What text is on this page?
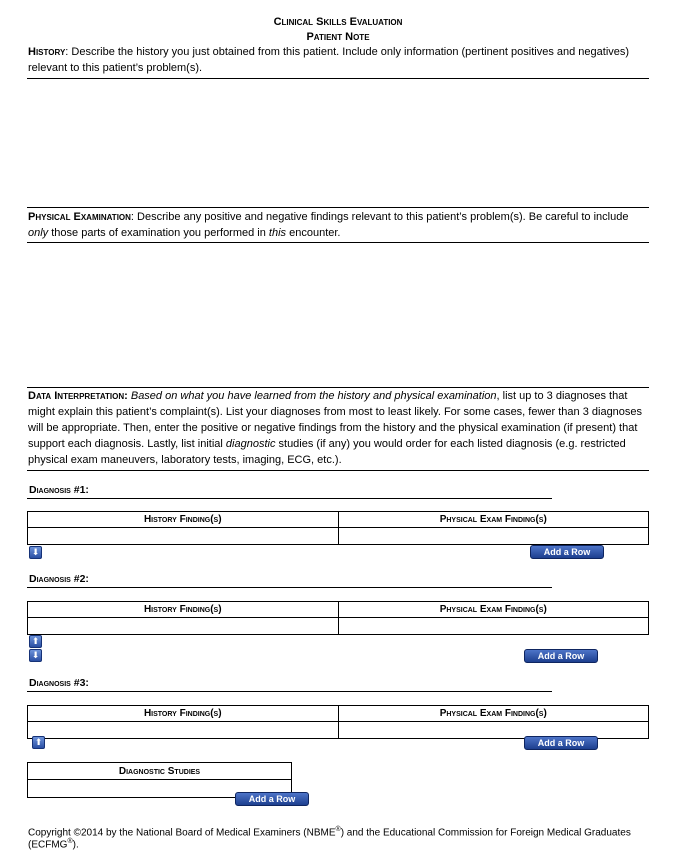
Clinical Skills Evaluation
Patient Note
History: Describe the history you just obtained from this patient. Include only information (pertinent positives and negatives) relevant to this patient’s problem(s).
Physical Examination: Describe any positive and negative findings relevant to this patient’s problem(s). Be careful to include only those parts of examination you performed in this encounter.
Data Interpretation: Based on what you have learned from the history and physical examination, list up to 3 diagnoses that might explain this patient’s complaint(s). List your diagnoses from most to least likely. For some cases, fewer than 3 diagnoses will be appropriate. Then, enter the positive or negative findings from the history and the physical examination (if present) that support each diagnosis. Lastly, list initial diagnostic studies (if any) you would order for each listed diagnosis (e.g. restricted physical exam maneuvers, laboratory tests, imaging, ECG, etc.).
Diagnosis #1:
History Finding(s)	Physical Exam Finding(s)

⬇	Add a Row
Diagnosis #2:
History Finding(s)	Physical Exam Finding(s)

⬆
⬇	Add a Row
Diagnosis #3:
History Finding(s)	Physical Exam Finding(s)

⬆	Add a Row
Diagnostic Studies

Add a Row
Copyright ©2014 by the National Board of Medical Examiners (NBME®) and the Educational Commission for Foreign Medical Graduates (ECFMG®).
